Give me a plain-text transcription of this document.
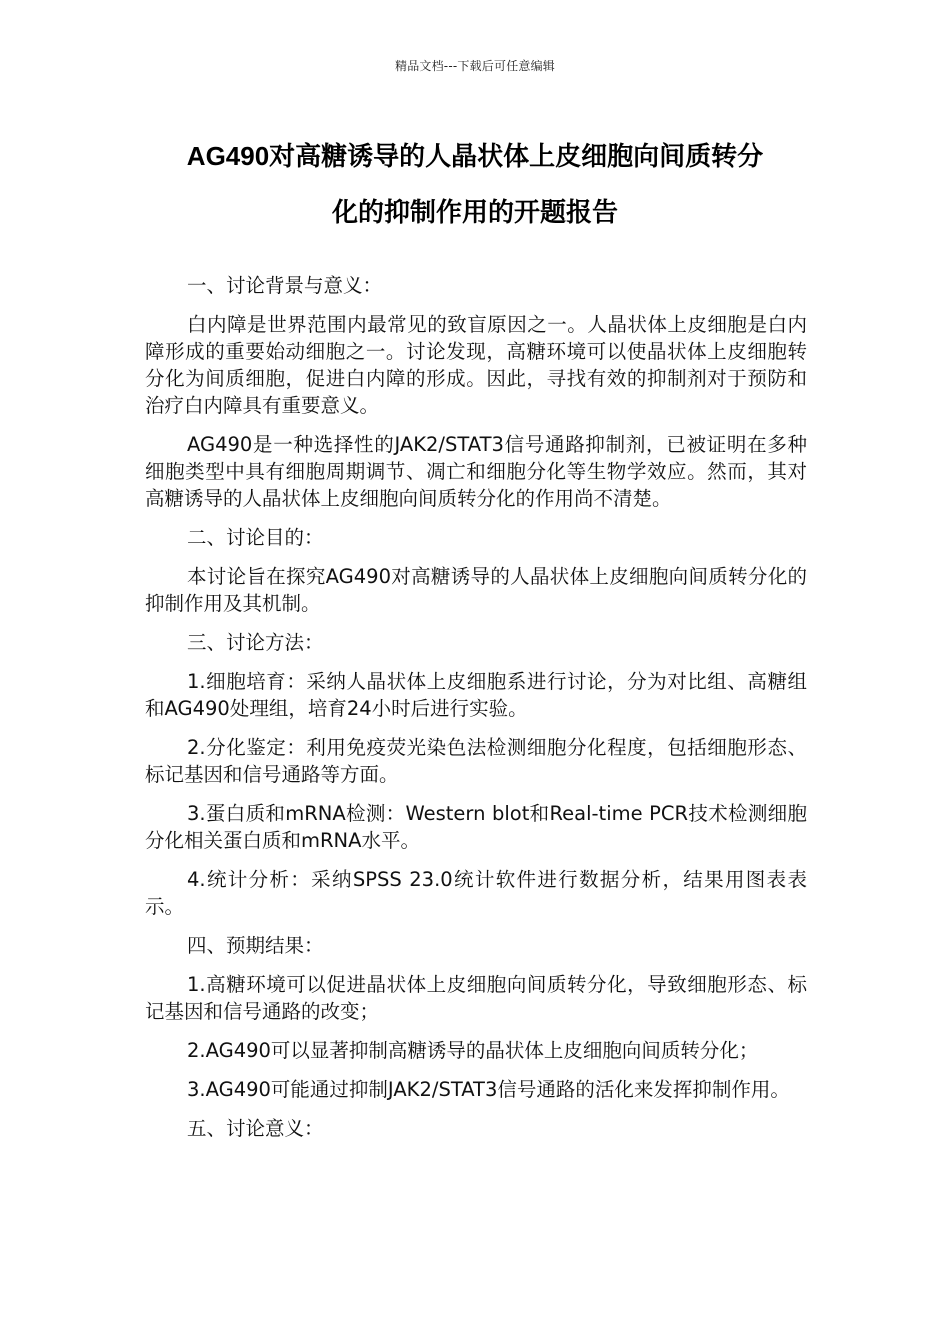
精品文档---下载后可任意编辑
AG490对高糖诱导的人晶状体上皮细胞向间质转分
化的抑制作用的开题报告

一、讨论背景与意义：

白内障是世界范围内最常见的致盲原因之一。人晶状体上皮细胞是白内障形成的重要始动细胞之一。讨论发现，高糖环境可以使晶状体上皮细胞转分化为间质细胞，促进白内障的形成。因此，寻找有效的抑制剂对于预防和治疗白内障具有重要意义。

AG490是一种选择性的JAK2/STAT3信号通路抑制剂，已被证明在多种细胞类型中具有细胞周期调节、凋亡和细胞分化等生物学效应。然而，其对高糖诱导的人晶状体上皮细胞向间质转分化的作用尚不清楚。

二、讨论目的：

本讨论旨在探究AG490对高糖诱导的人晶状体上皮细胞向间质转分化的抑制作用及其机制。

三、讨论方法：

1.细胞培育：采纳人晶状体上皮细胞系进行讨论，分为对比组、高糖组和AG490处理组，培育24小时后进行实验。

2.分化鉴定：利用免疫荧光染色法检测细胞分化程度，包括细胞形态、标记基因和信号通路等方面。

3.蛋白质和mRNA检测：Western blot和Real-time PCR技术检测细胞分化相关蛋白质和mRNA水平。

4.统计分析：采纳SPSS 23.0统计软件进行数据分析，结果用图表表示。

四、预期结果：

1.高糖环境可以促进晶状体上皮细胞向间质转分化，导致细胞形态、标记基因和信号通路的改变；

2.AG490可以显著抑制高糖诱导的晶状体上皮细胞向间质转分化；

3.AG490可能通过抑制JAK2/STAT3信号通路的活化来发挥抑制作用。

五、讨论意义：
